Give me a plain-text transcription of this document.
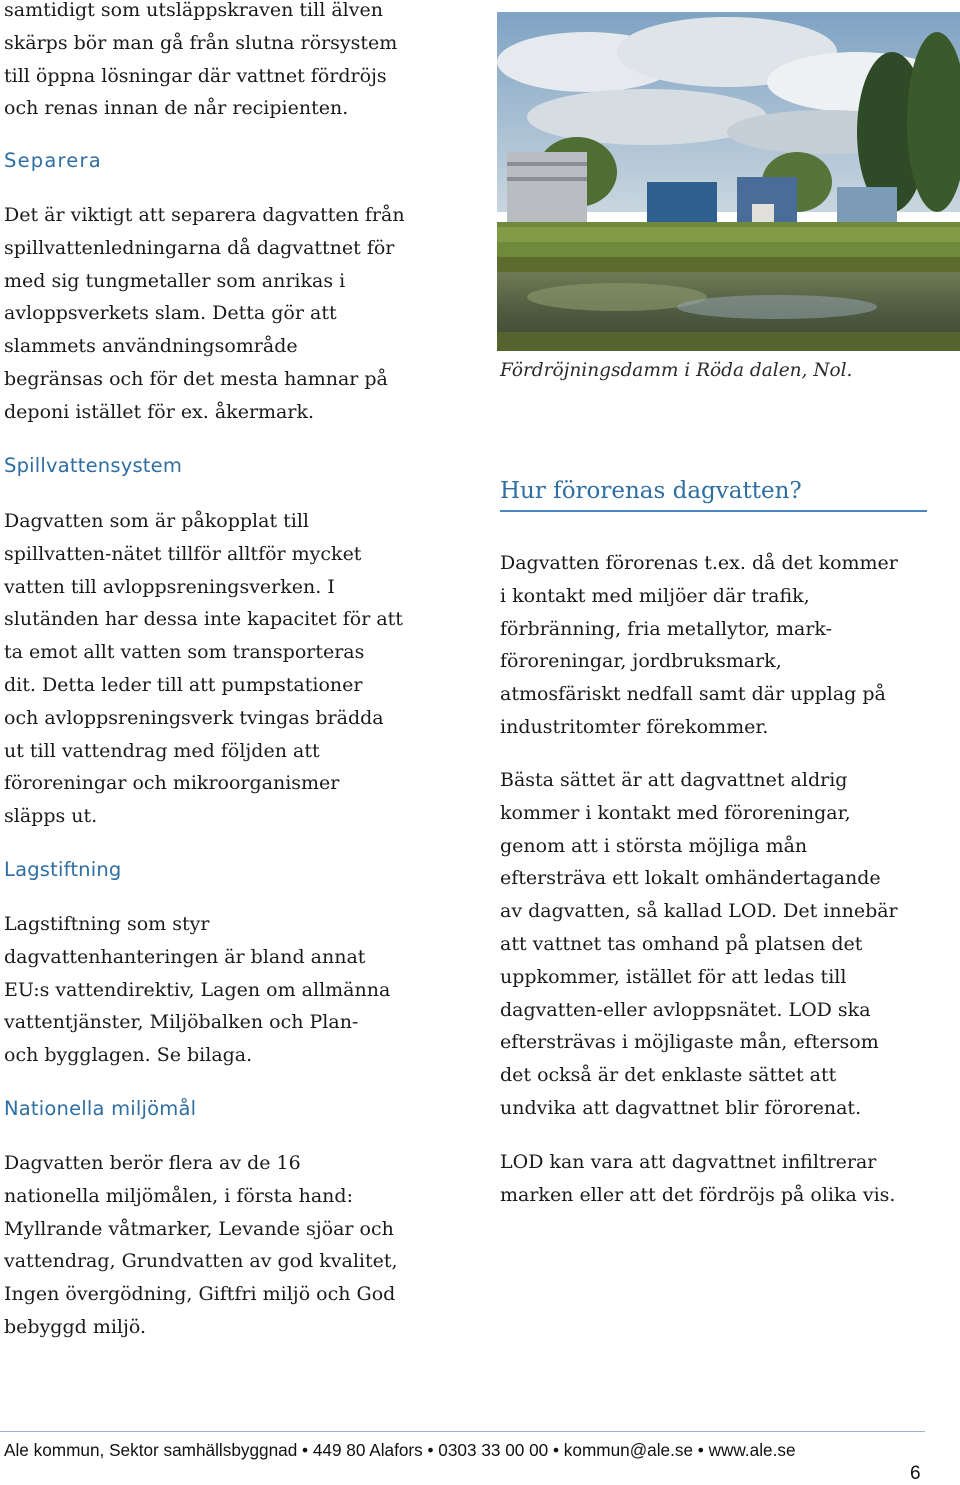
samtidigt som utsläppskraven till älven
skärps bör man gå från slutna rörsystem
till öppna lösningar där vattnet fördröjs
och renas innan de når recipienten.
Separera
Det är viktigt att separera dagvatten från
spillvattenledningarna då dagvattnet för
med sig tungmetaller som anrikas i
avloppsverkets slam. Detta gör att
slammets användningsområde
begränsas och för det mesta hamnar på
deponi istället för ex. åkermark.
Spillvattensystem
Dagvatten som är påkopplat till
spillvatten-nätet tillför alltför mycket
vatten till avloppsreningsverken. I
slutänden har dessa inte kapacitet för att
ta emot allt vatten som transporteras
dit. Detta leder till att pumpstationer
och avloppsreningsverk tvingas brädda
ut till vattendrag med följden att
föroreningar och mikroorganismer
släpps ut.
Lagstiftning
Lagstiftning som styr
dagvattenhanteringen är bland annat
EU:s vattendirektiv, Lagen om allmänna
vattentjänster, Miljöbalken och Plan-
och bygglagen. Se bilaga.
Nationella miljömål
Dagvatten berör flera av de 16
nationella miljömålen, i första hand:
Myllrande våtmarker, Levande sjöar och
vattendrag, Grundvatten av god kvalitet,
Ingen övergödning, Giftfri miljö och God
bebyggd miljö.
Fördröjningsdamm i Röda dalen, Nol.
Hur förorenas dagvatten?
Dagvatten förorenas t.ex. då det kommer
i kontakt med miljöer där trafik,
förbränning, fria metallytor, mark-
föroreningar, jordbruksmark,
atmosfäriskt nedfall samt där upplag på
industritomter förekommer.
Bästa sättet är att dagvattnet aldrig
kommer i kontakt med föroreningar,
genom att i största möjliga mån
eftersträva ett lokalt omhändertagande
av dagvatten, så kallad LOD. Det innebär
att vattnet tas omhand på platsen det
uppkommer, istället för att ledas till
dagvatten-eller avloppsnätet. LOD ska
eftersträvas i möjligaste mån, eftersom
det också är det enklaste sättet att
undvika att dagvattnet blir förorenat.
LOD kan vara att dagvattnet infiltrerar
marken eller att det fördröjs på olika vis.
Ale kommun, Sektor samhällsbyggnad • 449 80 Alafors • 0303 33 00 00 • kommun@ale.se • www.ale.se
6
